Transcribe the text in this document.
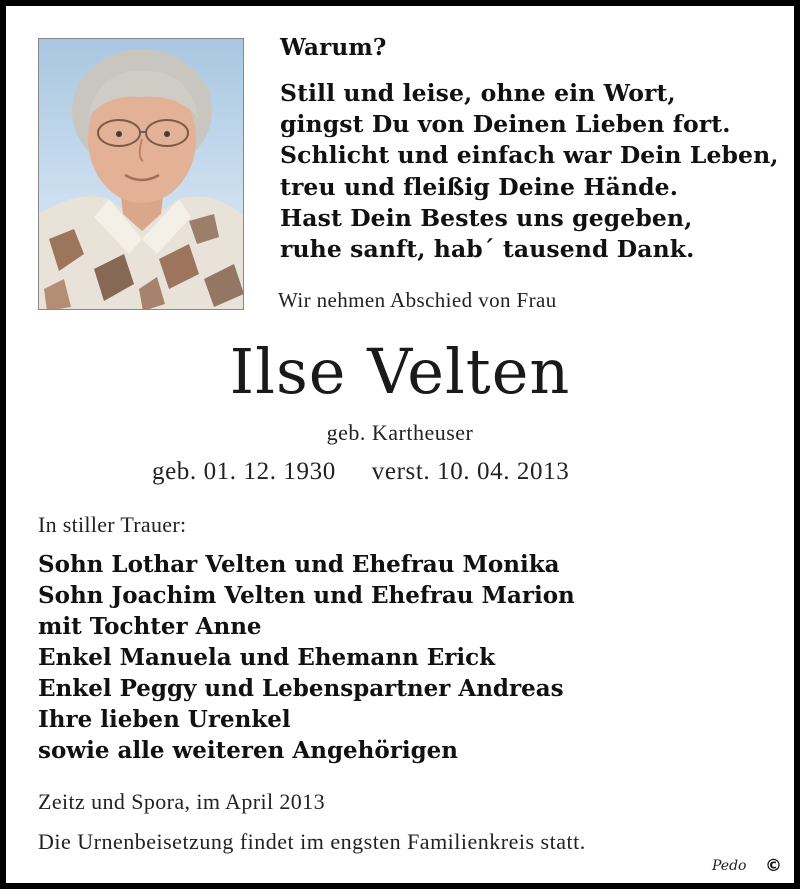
Warum?
Still und leise, ohne ein Wort,
gingst Du von Deinen Lieben fort.
Schlicht und einfach war Dein Leben,
treu und fleißig Deine Hände.
Hast Dein Bestes uns gegeben,
ruhe sanft, hab´ tausend Dank.
Wir nehmen Abschied von Frau
Ilse Velten
geb. Kartheuser
geb. 01. 12. 1930 verst. 10. 04. 2013
In stiller Trauer:
Sohn Lothar Velten und Ehefrau Monika
Sohn Joachim Velten und Ehefrau Marion
mit Tochter Anne
Enkel Manuela und Ehemann Erick
Enkel Peggy und Lebenspartner Andreas
Ihre lieben Urenkel
sowie alle weiteren Angehörigen
Zeitz und Spora, im April 2013
Die Urnenbeisetzung findet im engsten Familienkreis statt.
Pedo ©
